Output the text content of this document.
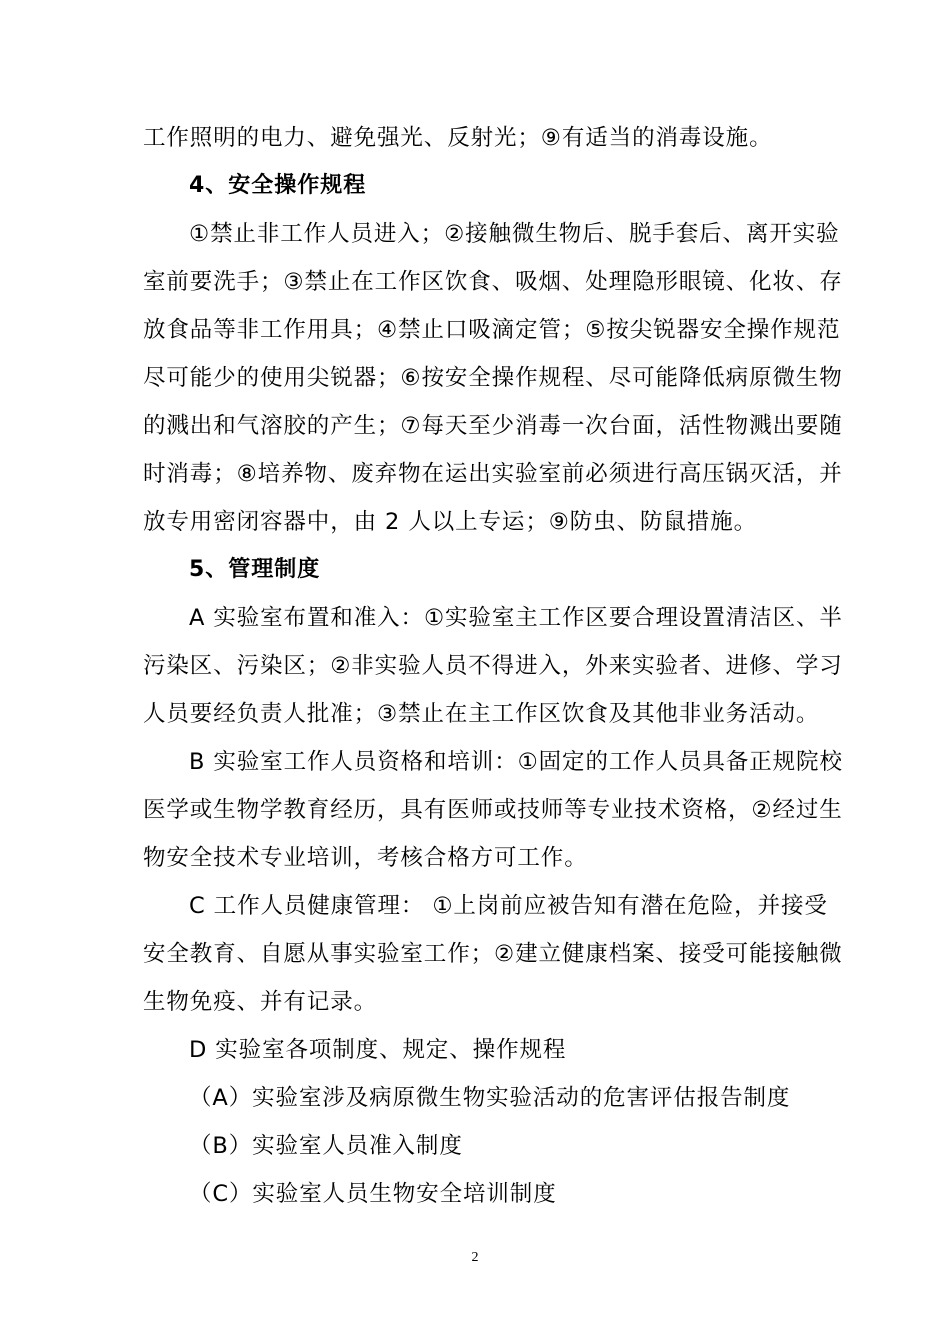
工作照明的电力、避免强光、反射光；⑨有适当的消毒设施。
4、安全操作规程
①禁止非工作人员进入；②接触微生物后、脱手套后、离开实验
室前要洗手；③禁止在工作区饮食、吸烟、处理隐形眼镜、化妆、存
放食品等非工作用具；④禁止口吸滴定管；⑤按尖锐器安全操作规范
尽可能少的使用尖锐器；⑥按安全操作规程、尽可能降低病原微生物
的溅出和气溶胶的产生；⑦每天至少消毒一次台面，活性物溅出要随
时消毒；⑧培养物、废弃物在运出实验室前必须进行高压锅灭活，并
放专用密闭容器中，由 2 人以上专运；⑨防虫、防鼠措施。
5、管理制度
A 实验室布置和准入：①实验室主工作区要合理设置清洁区、半
污染区、污染区；②非实验人员不得进入，外来实验者、进修、学习
人员要经负责人批准；③禁止在主工作区饮食及其他非业务活动。
B 实验室工作人员资格和培训：①固定的工作人员具备正规院校
医学或生物学教育经历，具有医师或技师等专业技术资格，②经过生
物安全技术专业培训，考核合格方可工作。
C 工作人员健康管理： ①上岗前应被告知有潜在危险，并接受
安全教育、自愿从事实验室工作；②建立健康档案、接受可能接触微
生物免疫、并有记录。
D 实验室各项制度、规定、操作规程
（A）实验室涉及病原微生物实验活动的危害评估报告制度
（B）实验室人员准入制度
（C）实验室人员生物安全培训制度
2
